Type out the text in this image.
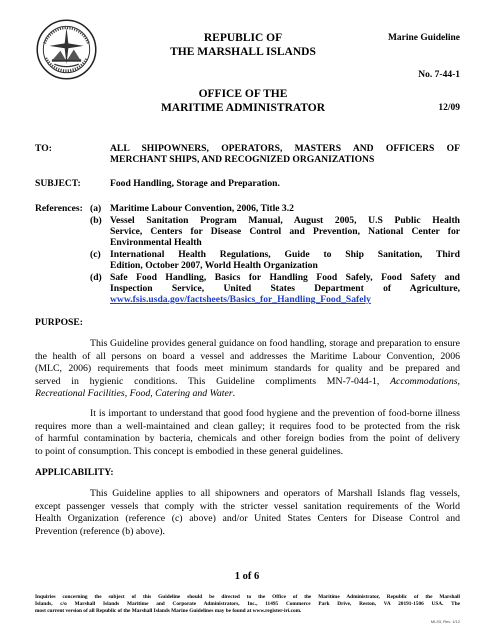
REPUBLIC OF
THE MARSHALL ISLANDS
OFFICE OF THE
MARITIME ADMINISTRATOR
Marine Guideline
No. 7-44-1
12/09
TO:	ALL SHIPOWNERS, OPERATORS, MASTERS AND OFFICERS OF
MERCHANT SHIPS, AND RECOGNIZED ORGANIZATIONS
SUBJECT:	Food Handling, Storage and Preparation.
References: (a) Maritime Labour Convention, 2006, Title 3.2
(b) Vessel Sanitation Program Manual, August 2005, U.S Public Health
Service, Centers for Disease Control and Prevention, National Center for
Environmental Health
(c) International Health Regulations, Guide to Ship Sanitation, Third
Edition, October 2007, World Health Organization
(d) Safe Food Handling, Basics for Handling Food Safely, Food Safety and
Inspection Service, United States Department of Agriculture,
www.fsis.usda.gov/factsheets/Basics_for_Handling_Food_Safely
PURPOSE:
This Guideline provides general guidance on food handling, storage and preparation to ensure
the health of all persons on board a vessel and addresses the Maritime Labour Convention, 2006
(MLC, 2006) requirements that foods meet minimum standards for quality and be prepared and
served in hygienic conditions. This Guideline compliments MN-7-044-1, Accommodations,
Recreational Facilities, Food, Catering and Water.
It is important to understand that good food hygiene and the prevention of food-borne illness
requires more than a well-maintained and clean galley; it requires food to be protected from the risk
of harmful contamination by bacteria, chemicals and other foreign bodies from the point of delivery
to point of consumption. This concept is embodied in these general guidelines.
APPLICABILITY:
This Guideline applies to all shipowners and operators of Marshall Islands flag vessels,
except passenger vessels that comply with the stricter vessel sanitation requirements of the World
Health Organization (reference (c) above) and/or United States Centers for Disease Control and
Prevention (reference (b) above).
1 of 6
Inquiries concerning the subject of this Guideline should be directed to the Office of the Maritime Administrator, Republic of the Marshall
Islands, c/o Marshall Islands Maritime and Corporate Administrators, Inc., 11495 Commerce Park Drive, Reston, VA 20191-1506 USA. The
most current version of all Republic of the Marshall Islands Marine Guidelines may be found at www.register-iri.com.
MI-93, Rev. 1/12
